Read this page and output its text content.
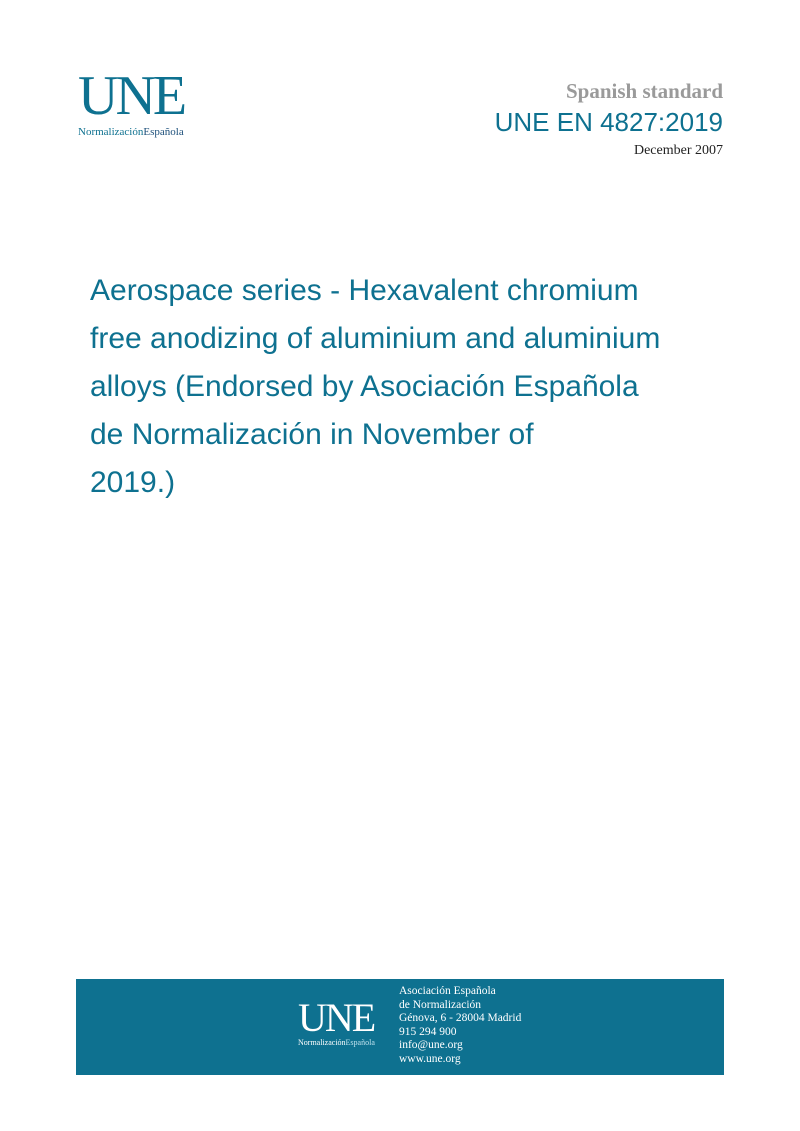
UNE
NormalizaciónEspañola
Spanish standard
UNE EN 4827:2019
December 2007
Aerospace series - Hexavalent chromium
free anodizing of aluminium and aluminium
alloys (Endorsed by Asociación Española
de Normalización in November of
2019.)
UNE
NormalizaciónEspañola
Asociación Española
de Normalización
Génova, 6 - 28004 Madrid
915 294 900
info@une.org
www.une.org
